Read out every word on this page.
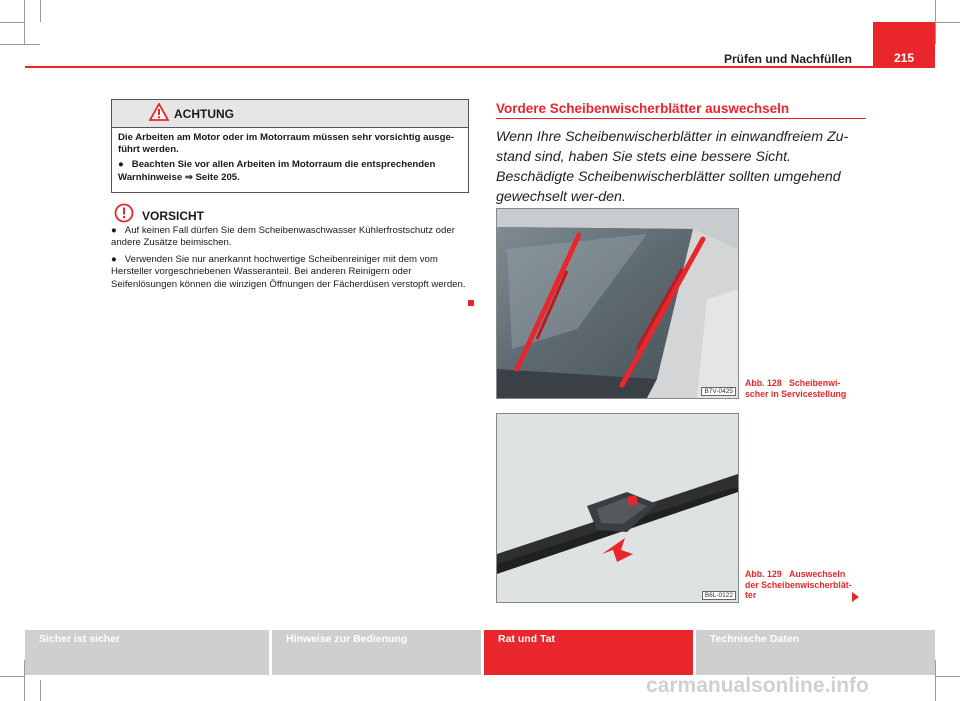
Prüfen und Nachfüllen	215
ACHTUNG

Die Arbeiten am Motor oder im Motorraum müssen sehr vorsichtig ausge-führt werden.

● Beachten Sie vor allen Arbeiten im Motorraum die entsprechenden Warnhinweise ⇒ Seite 205.

VORSICHT

● Auf keinen Fall dürfen Sie dem Scheibenwaschwasser Kühlerfrostschutz oder andere Zusätze beimischen.

● Verwenden Sie nur anerkannt hochwertige Scheibenreiniger mit dem vom Hersteller vorgeschriebenen Wasseranteil. Bei anderen Reinigern oder Seifenlösungen können die winzigen Öffnungen der Fächerdüsen verstopft werden.

Vordere Scheibenwischerblätter auswechseln
Wenn Ihre Scheibenwischerblätter in einwandfreiem Zu-stand sind, haben Sie stets eine bessere Sicht. Beschädigte Scheibenwischerblätter sollten umgehend gewechselt wer-den.
B7V-0425
Abb. 128 Scheibenwi-scher in Servicestellung
B6L-0122
Abb. 129 Auswechseln der Scheibenwischerblät-ter
Sicher ist sicher	Hinweise zur Bedienung	Rat und Tat	Technische Daten
carmanualsonline.info
